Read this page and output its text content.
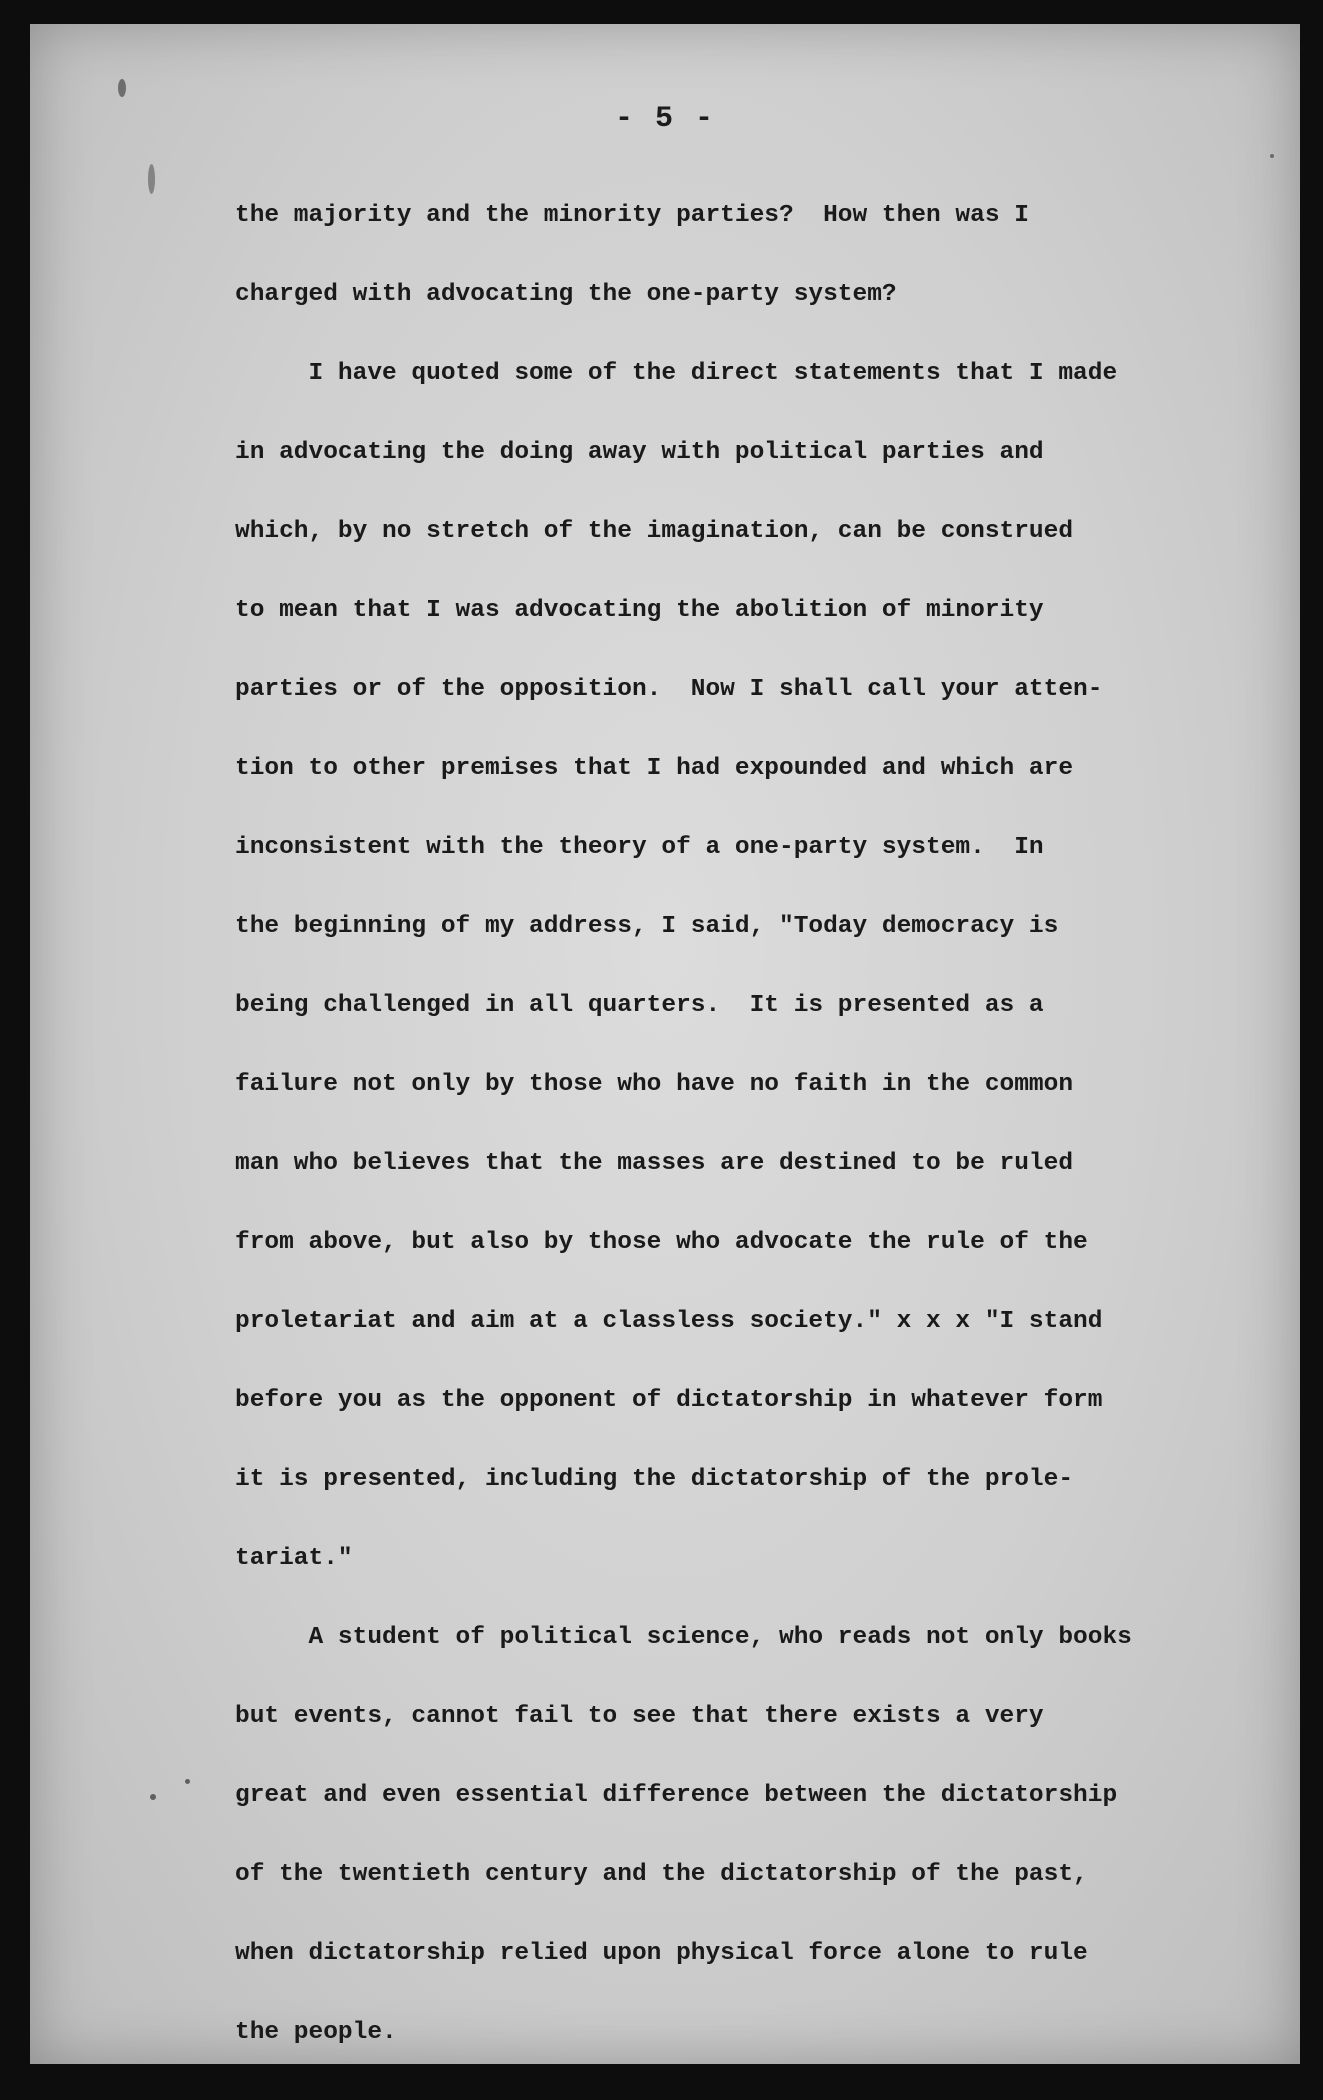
- 5 -
the majority and the minority parties?  How then was I
charged with advocating the one-party system?
I have quoted some of the direct statements that I made
in advocating the doing away with political parties and
which, by no stretch of the imagination, can be construed
to mean that I was advocating the abolition of minority
parties or of the opposition.  Now I shall call your atten-
tion to other premises that I had expounded and which are
inconsistent with the theory of a one-party system.  In
the beginning of my address, I said, "Today democracy is
being challenged in all quarters.  It is presented as a
failure not only by those who have no faith in the common
man who believes that the masses are destined to be ruled
from above, but also by those who advocate the rule of the
proletariat and aim at a classless society." x x x "I stand
before you as the opponent of dictatorship in whatever form
it is presented, including the dictatorship of the prole-
tariat."
A student of political science, who reads not only books
but events, cannot fail to see that there exists a very
great and even essential difference between the dictatorship
of the twentieth century and the dictatorship of the past,
when dictatorship relied upon physical force alone to rule
the people.
